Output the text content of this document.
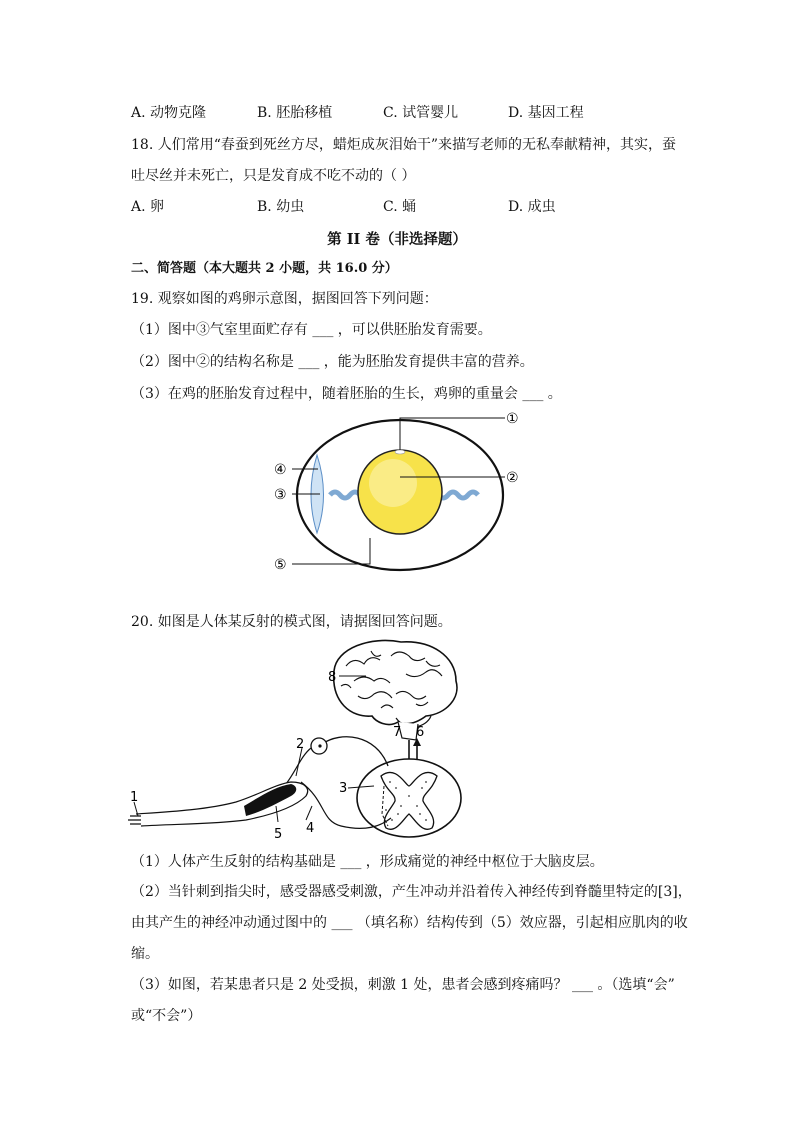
A. 动物克隆	B. 胚胎移植	C. 试管婴儿	D. 基因工程
18. 人们常用“春蚕到死丝方尽，蜡炬成灰泪始干”来描写老师的无私奉献精神，其实，蚕
吐尽丝并未死亡，只是发育成不吃不动的（ ）
A. 卵	B. 幼虫	C. 蛹	D. 成虫
第 II 卷（非选择题）
二、简答题（本大题共 2 小题，共 16.0 分）
19. 观察如图的鸡卵示意图，据图回答下列问题：
（1）图中③气室里面贮存有 ___ ，可以供胚胎发育需要。
（2）图中②的结构名称是 ___ ，能为胚胎发育提供丰富的营养。
（3）在鸡的胚胎发育过程中，随着胚胎的生长，鸡卵的重量会 ___ 。
①
②
④
③
⑤
20. 如图是人体某反射的模式图，请据图回答问题。
1
2
3
4
5
6
7
8
（1）人体产生反射的结构基础是 ___ ，形成痛觉的神经中枢位于大脑皮层。
（2）当针刺到指尖时，感受器感受刺激，产生冲动并沿着传入神经传到脊髓里特定的[3]，
由其产生的神经冲动通过图中的 ___ （填名称）结构传到（5）效应器，引起相应肌肉的收
缩。
（3）如图，若某患者只是 2 处受损，刺激 1 处，患者会感到疼痛吗？ ___ 。（选填“会”
或“不会”）
